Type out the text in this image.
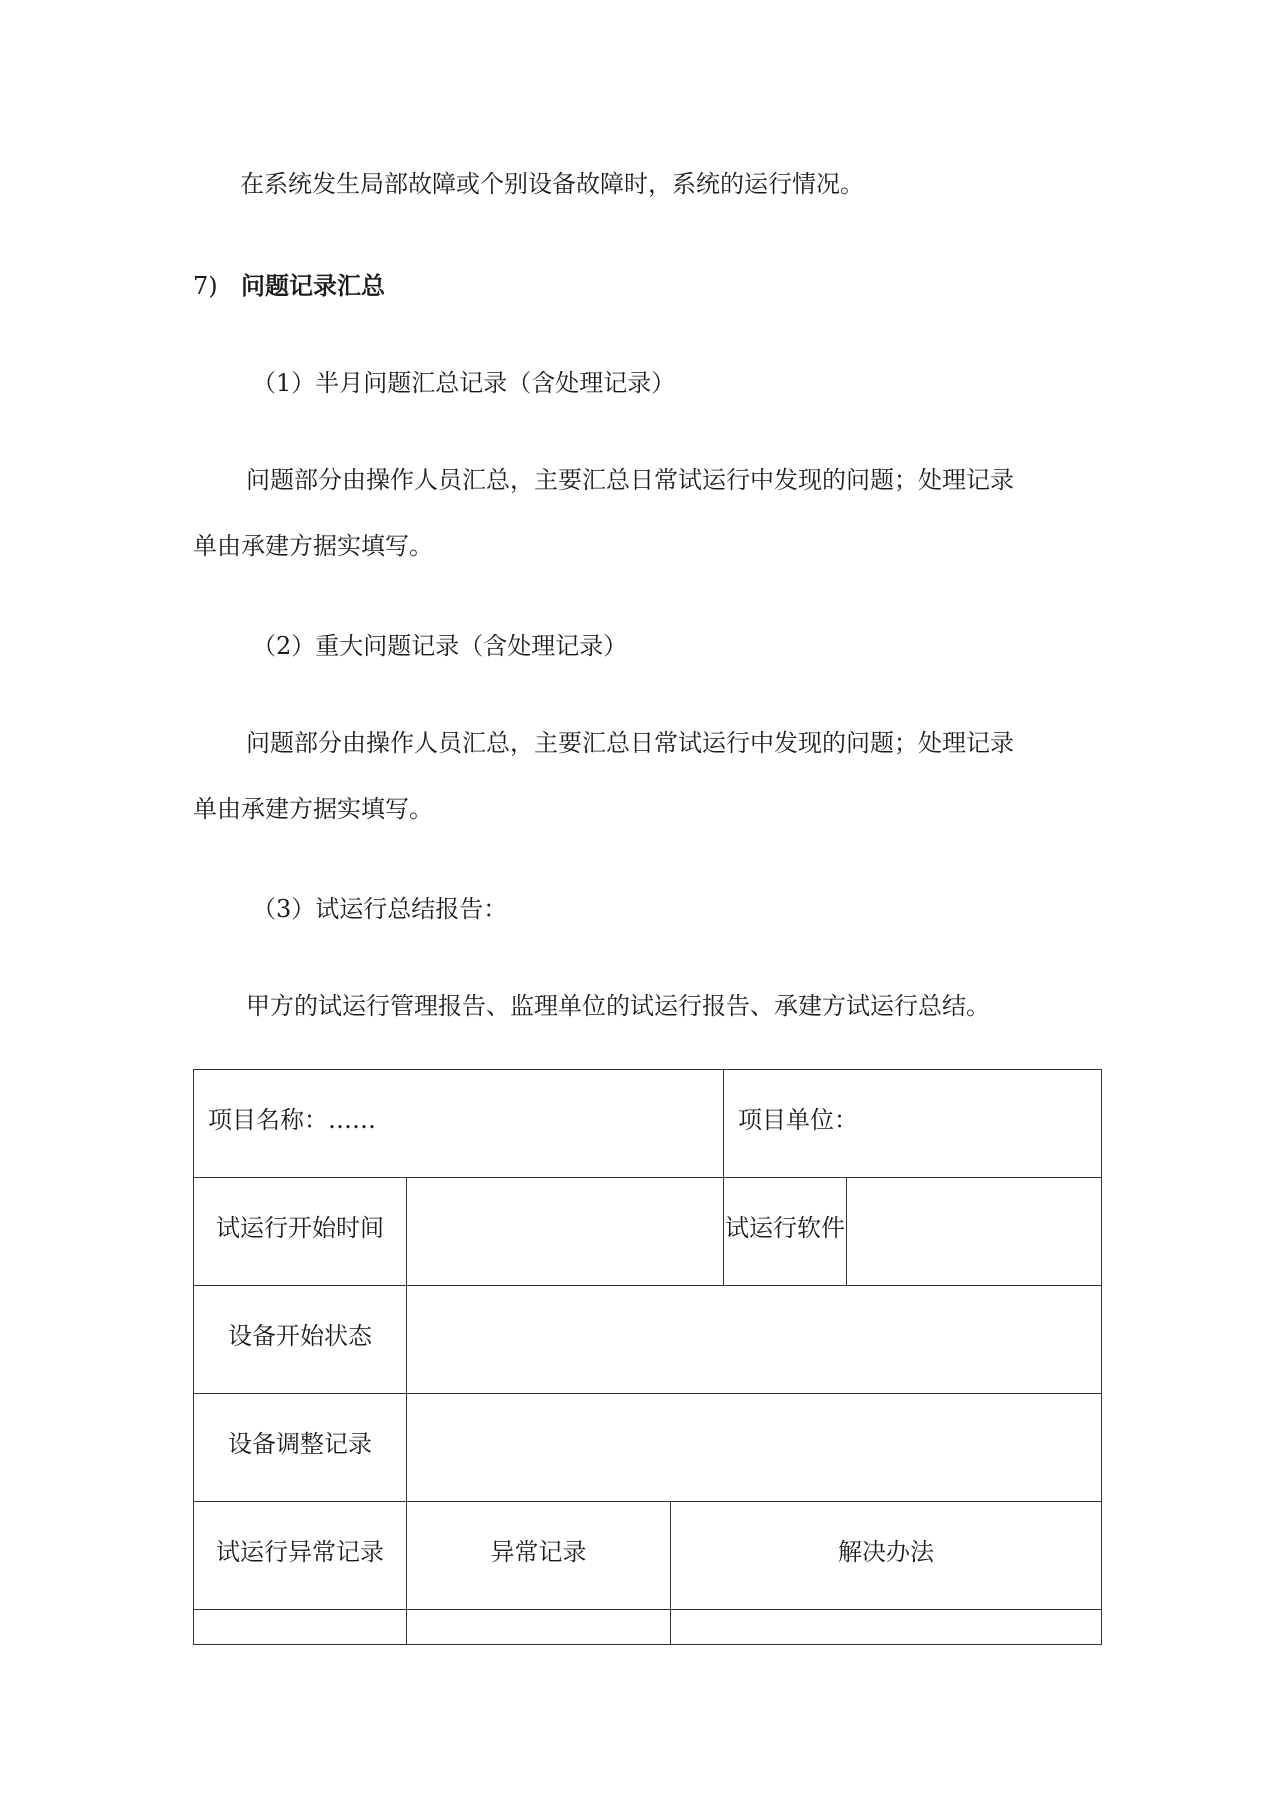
在系统发生局部故障或个别设备故障时，系统的运行情况。

7) 问题记录汇总

（1）半月问题汇总记录（含处理记录）

问题部分由操作人员汇总，主要汇总日常试运行中发现的问题；处理记录

单由承建方据实填写。

（2）重大问题记录（含处理记录）

问题部分由操作人员汇总，主要汇总日常试运行中发现的问题；处理记录

单由承建方据实填写。

（3）试运行总结报告：

甲方的试运行管理报告、监理单位的试运行报告、承建方试运行总结。

项目名称：……			项目单位：	

试运行开始时间			试运行软件	

设备开始状态				

设备调整记录				

试运行异常记录	异常记录	解决办法		
